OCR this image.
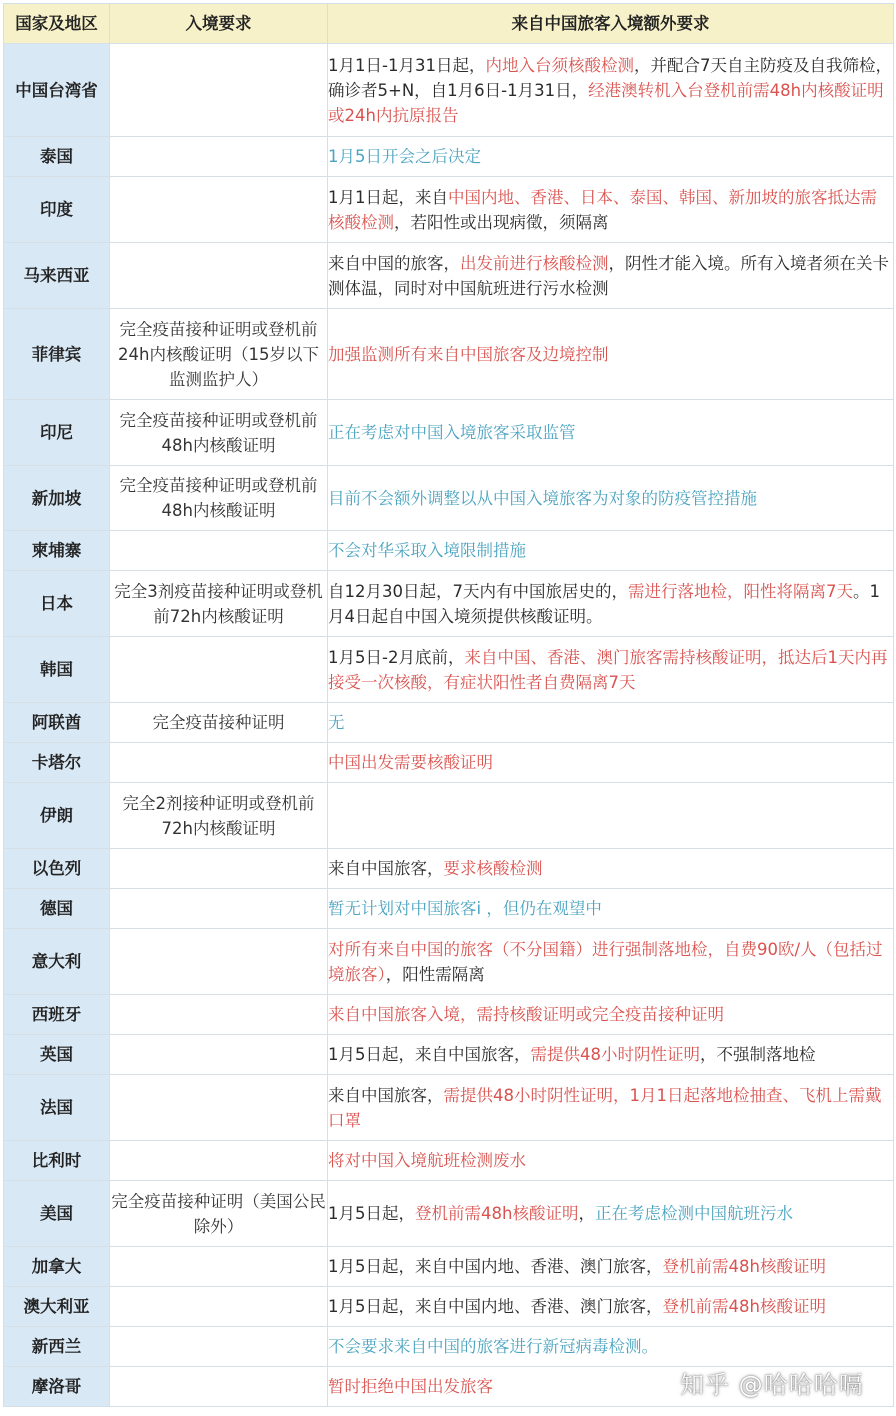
国家及地区	入境要求	来自中国旅客入境额外要求
中国台湾省		1月1日-1月31日起，内地入台须核酸检测，并配合7天自主防疫及自我筛检，确诊者5+N，自1月6日-1月31日，经港澳转机入台登机前需48h内核酸证明或24h内抗原报告
泰国		1月5日开会之后决定
印度		1月1日起，来自中国内地、香港、日本、泰国、韩国、新加坡的旅客抵达需核酸检测，若阳性或出现病徵，须隔离
马来西亚		来自中国的旅客，出发前进行核酸检测，阴性才能入境。所有入境者须在关卡测体温，同时对中国航班进行污水检测
菲律宾	完全疫苗接种证明或登机前24h内核酸证明（15岁以下监测监护人）	加强监测所有来自中国旅客及边境控制
印尼	完全疫苗接种证明或登机前48h内核酸证明	正在考虑对中国入境旅客采取监管
新加坡	完全疫苗接种证明或登机前48h内核酸证明	目前不会额外调整以从中国入境旅客为对象的防疫管控措施
柬埔寨		不会对华采取入境限制措施
日本	完全3剂疫苗接种证明或登机前72h内核酸证明	自12月30日起，7天内有中国旅居史的，需进行落地检，阳性将隔离7天。1月4日起自中国入境须提供核酸证明。
韩国		1月5日-2月底前，来自中国、香港、澳门旅客需持核酸证明，抵达后1天内再接受一次核酸，有症状阳性者自费隔离7天
阿联酋	完全疫苗接种证明	无
卡塔尔		中国出发需要核酸证明
伊朗	完全2剂接种证明或登机前72h内核酸证明	
以色列		来自中国旅客，要求核酸检测
德国		暂无计划对中国旅客i ，但仍在观望中
意大利		对所有来自中国的旅客（不分国籍）进行强制落地检，自费90欧/人（包括过境旅客），阳性需隔离
西班牙		来自中国旅客入境，需持核酸证明或完全疫苗接种证明
英国		1月5日起，来自中国旅客，需提供48小时阴性证明，不强制落地检
法国		来自中国旅客，需提供48小时阴性证明，1月1日起落地检抽查、飞机上需戴口罩
比利时		将对中国入境航班检测废水
美国	完全疫苗接种证明（美国公民除外）	1月5日起，登机前需48h核酸证明，正在考虑检测中国航班污水
加拿大		1月5日起，来自中国内地、香港、澳门旅客，登机前需48h核酸证明
澳大利亚		1月5日起，来自中国内地、香港、澳门旅客，登机前需48h核酸证明
新西兰		不会要求来自中国的旅客进行新冠病毒检测。
摩洛哥		暂时拒绝中国出发旅客	知乎 @哈哈哈嗝
